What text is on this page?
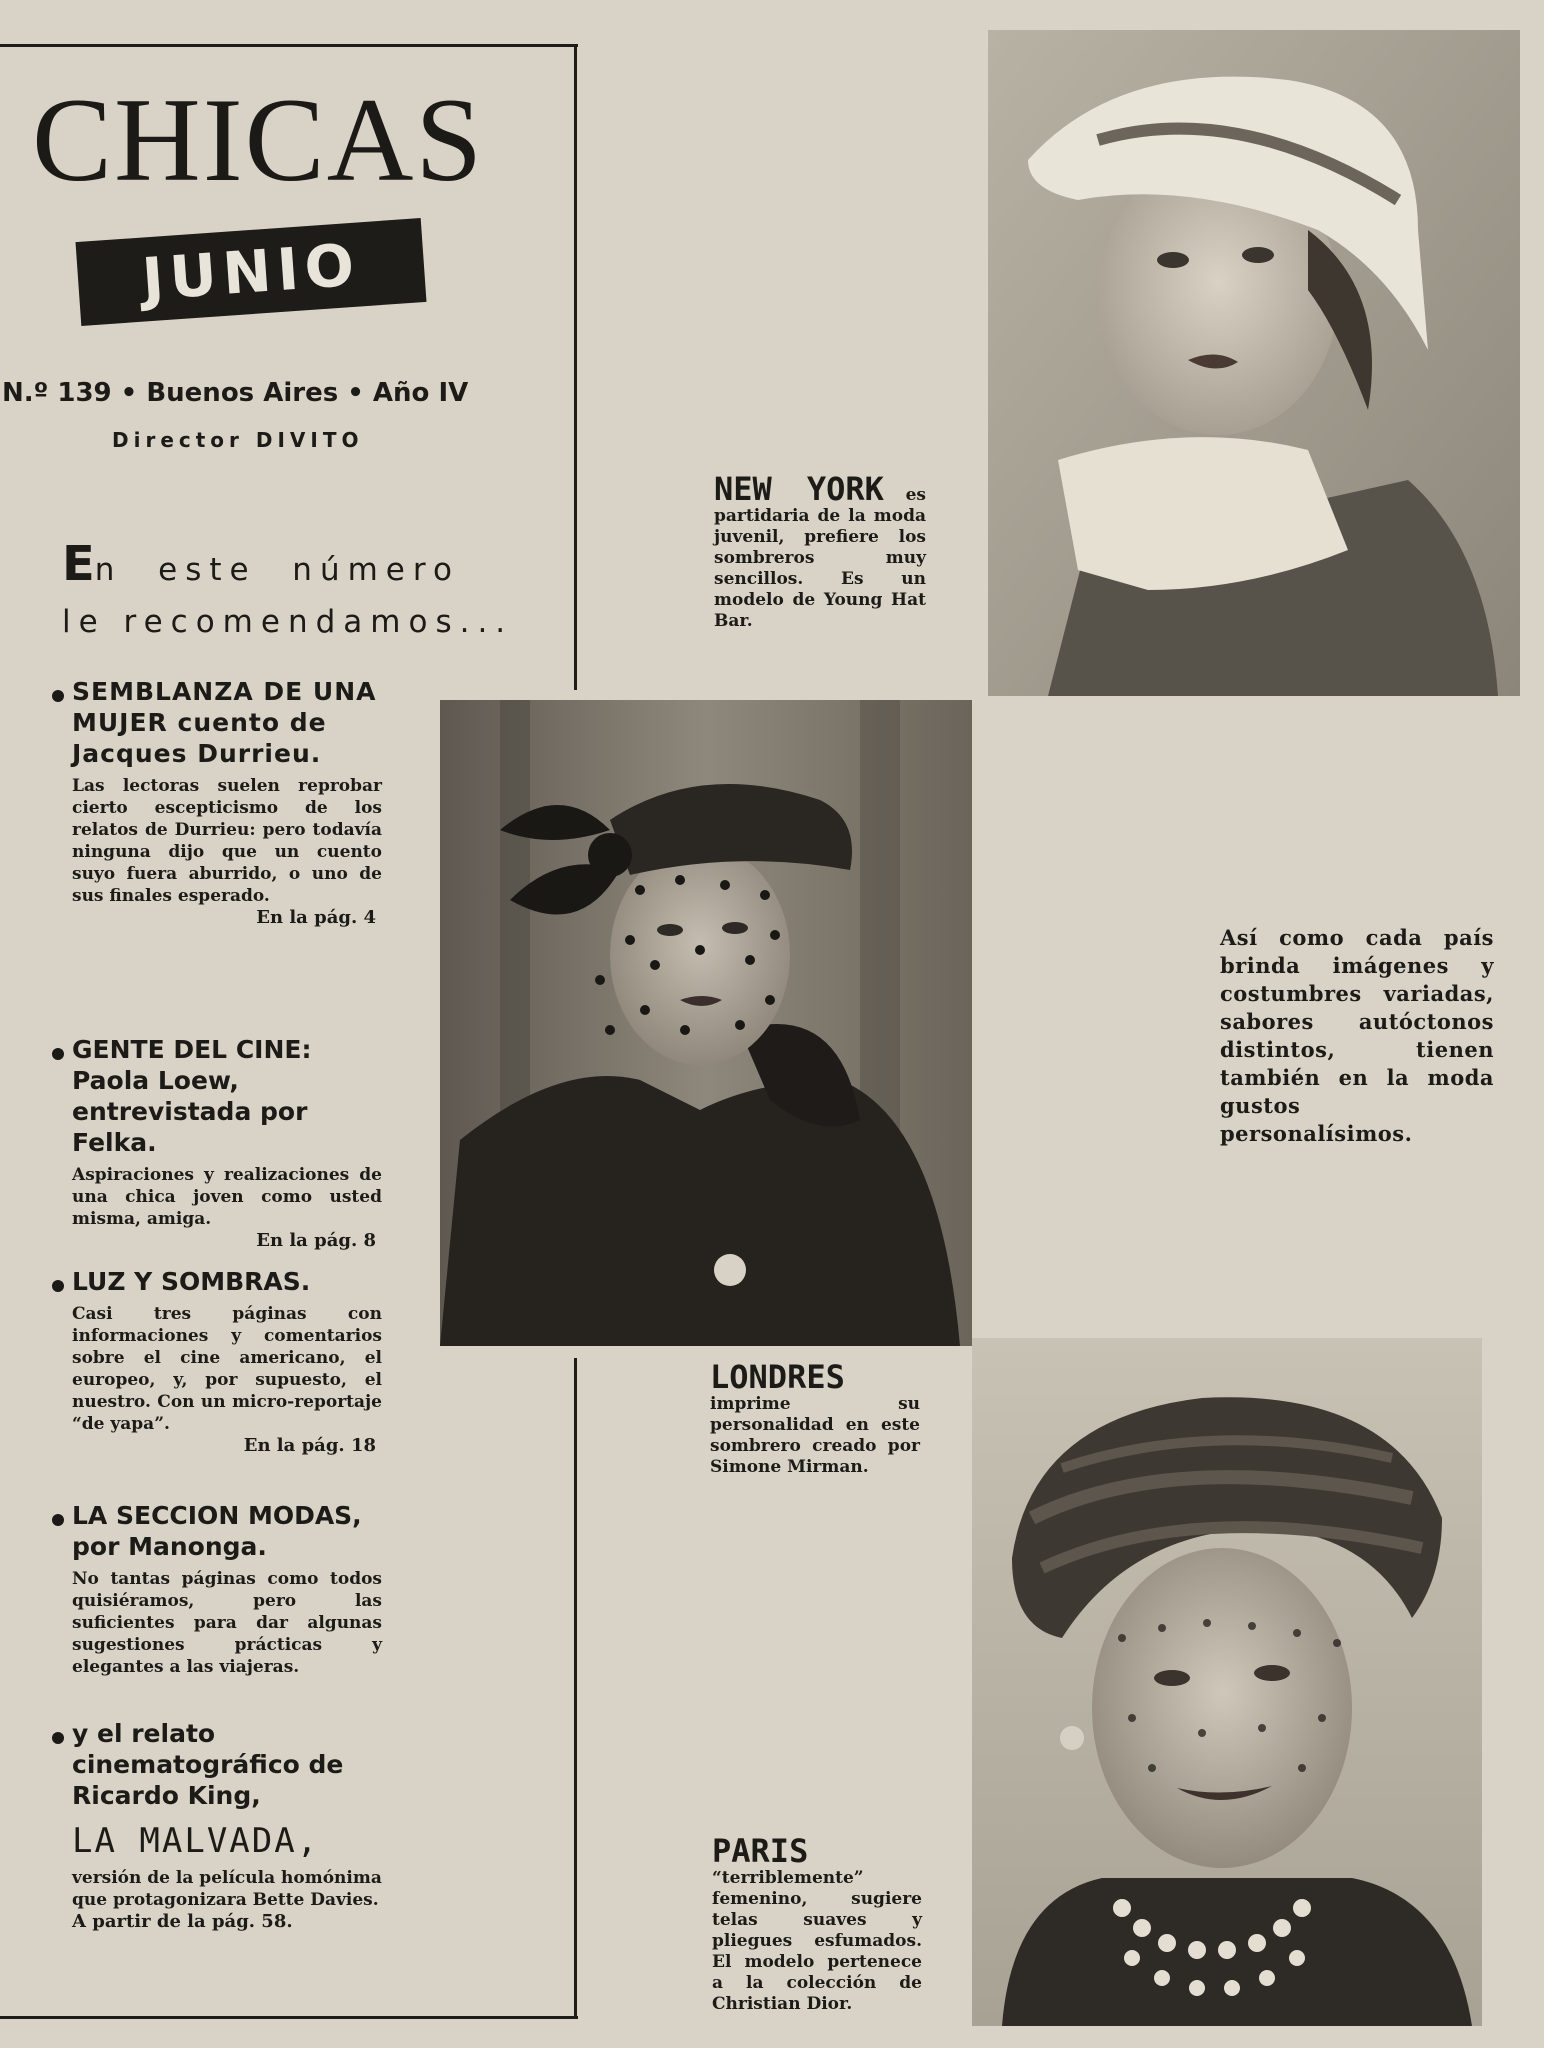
CHICAS
JUNIO
N.º 139 • Buenos Aires • Año IV
Director DIVITO
En  este  número
le recomendamos...
SEMBLANZA DE UNA MUJER cuento de Jacques Durrieu.
Las lectoras suelen reprobar cierto escepticismo de los relatos de Durrieu: pero todavía ninguna dijo que un cuento suyo fuera aburrido, o uno de sus finales esperado.
En la pág. 4
GENTE DEL CINE: Paola Loew, entrevistada por Felka.
Aspiraciones y realizaciones de una chica joven como usted misma, amiga.
En la pág. 8
LUZ Y SOMBRAS.
Casi tres páginas con informaciones y comentarios sobre el cine americano, el europeo, y, por supuesto, el nuestro. Con un micro-reportaje “de yapa”.
En la pág. 18
LA SECCION MODAS, por Manonga.
No tantas páginas como todos quisiéramos, pero las suficientes para dar algunas sugestiones prácticas y elegantes a las viajeras.
y el relato cinematográfico de Ricardo King,
LA MALVADA,
versión de la película homónima que protagonizara Bette Davies.
A partir de la pág. 58.
NEW YORK es partidaria de la moda juvenil, prefiere los sombreros muy sencillos. Es un modelo de Young Hat Bar.
Así como cada país brinda imágenes y costumbres variadas, sabores autóctonos distintos, tienen también en la moda gustos personalísimos.
LONDRES imprime su personalidad en este sombrero creado por Simone Mirman.
PARIS “terriblemente” femenino, sugiere telas suaves y pliegues esfumados. El modelo pertenece a la colección de Christian Dior.
